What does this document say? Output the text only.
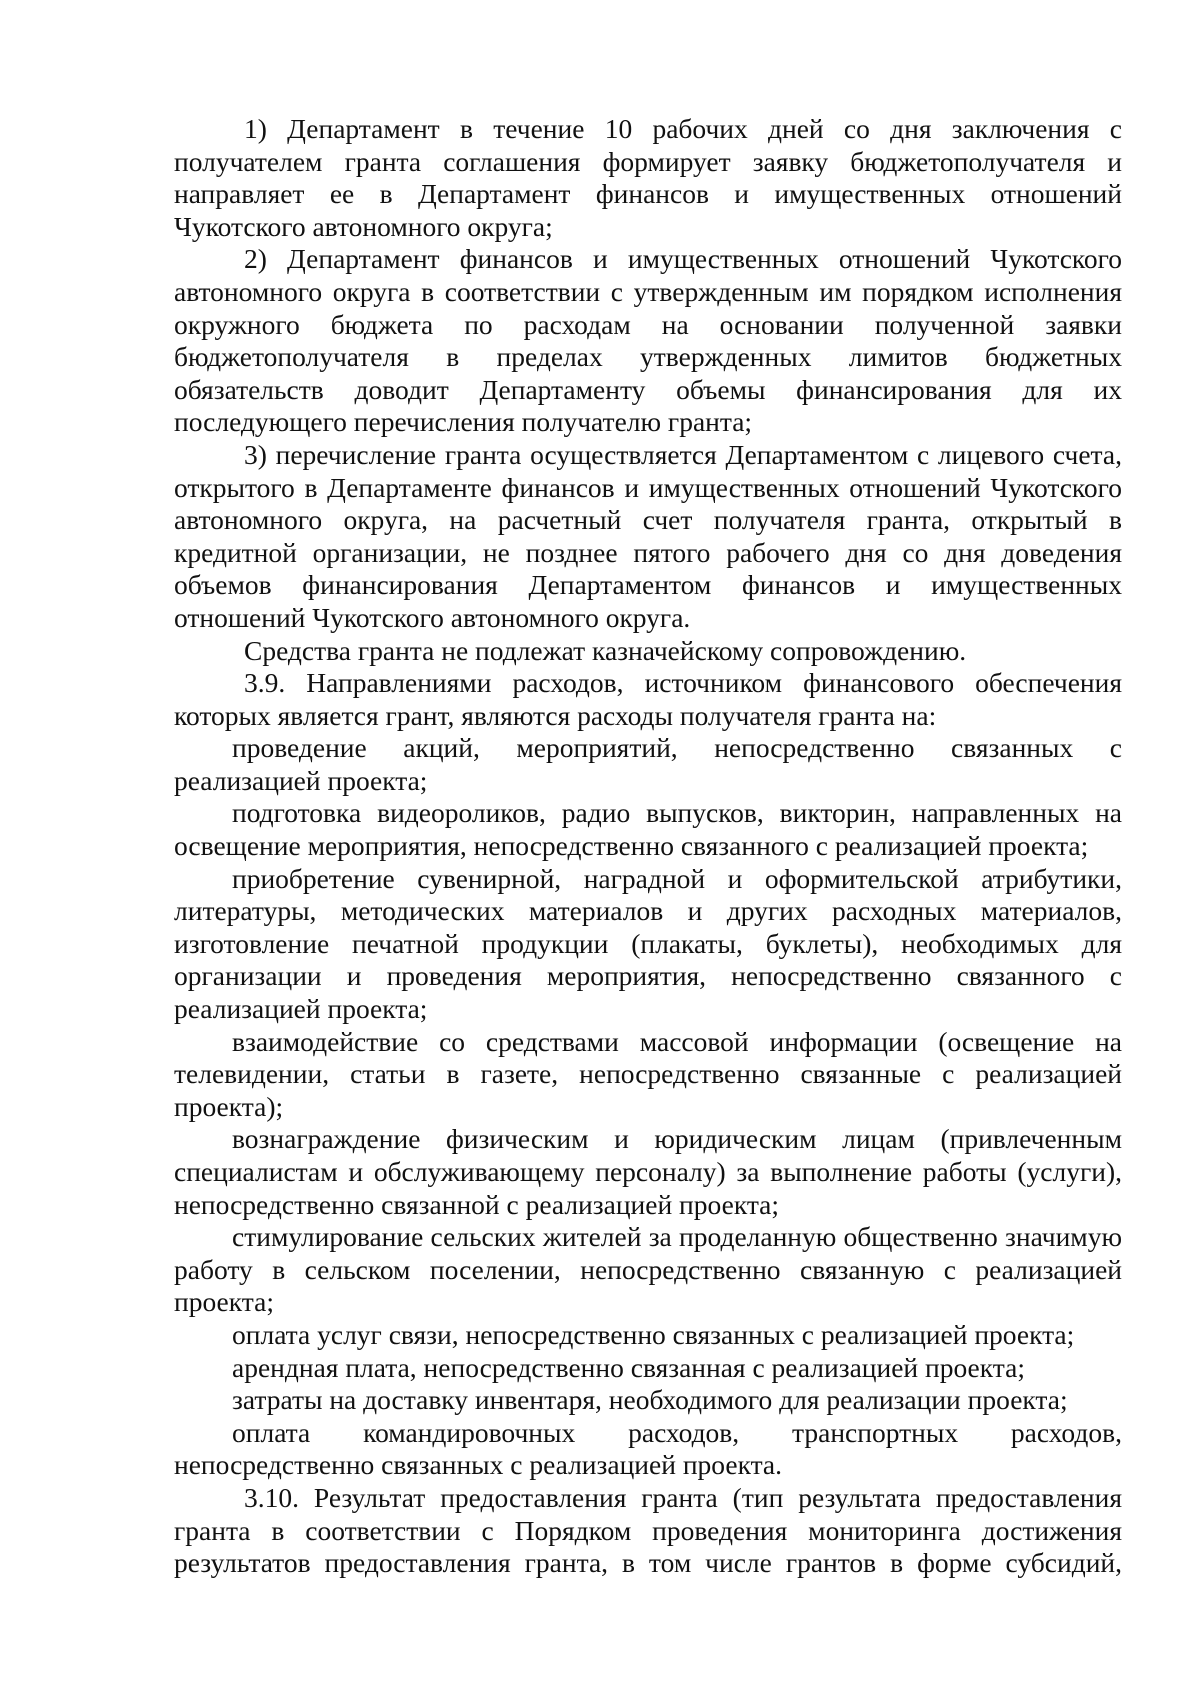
1) Департамент в течение 10 рабочих дней со дня заключения с получателем гранта соглашения формирует заявку бюджетополучателя и направляет ее в Департамент финансов и имущественных отношений Чукотского автономного округа;

2) Департамент финансов и имущественных отношений Чукотского автономного округа в соответствии с утвержденным им порядком исполнения окружного бюджета по расходам на основании полученной заявки бюджетополучателя в пределах утвержденных лимитов бюджетных обязательств доводит Департаменту объемы финансирования для их последующего перечисления получателю гранта;

3) перечисление гранта осуществляется Департаментом с лицевого счета, открытого в Департаменте финансов и имущественных отношений Чукотского автономного округа, на расчетный счет получателя гранта, открытый в кредитной организации, не позднее пятого рабочего дня со дня доведения объемов финансирования Департаментом финансов и имущественных отношений Чукотского автономного округа.

Средства гранта не подлежат казначейскому сопровождению.

3.9. Направлениями расходов, источником финансового обеспечения которых является грант, являются расходы получателя гранта на:

проведение акций, мероприятий, непосредственно связанных с реализацией проекта;

подготовка видеороликов, радио выпусков, викторин, направленных на освещение мероприятия, непосредственно связанного с реализацией проекта;

приобретение сувенирной, наградной и оформительской атрибутики, литературы, методических материалов и других расходных материалов, изготовление печатной продукции (плакаты, буклеты), необходимых для организации и проведения мероприятия, непосредственно связанного с реализацией проекта;

взаимодействие со средствами массовой информации (освещение на телевидении, статьи в газете, непосредственно связанные с реализацией проекта);

вознаграждение физическим и юридическим лицам (привлеченным специалистам и обслуживающему персоналу) за выполнение работы (услуги), непосредственно связанной с реализацией проекта;

стимулирование сельских жителей за проделанную общественно значимую работу в сельском поселении, непосредственно связанную с реализацией проекта;

оплата услуг связи, непосредственно связанных с реализацией проекта;

арендная плата, непосредственно связанная с реализацией проекта;

затраты на доставку инвентаря, необходимого для реализации проекта;

оплата командировочных расходов, транспортных расходов, непосредственно связанных с реализацией проекта.

3.10. Результат предоставления гранта (тип результата предоставления гранта в соответствии с Порядком проведения мониторинга достижения результатов предоставления гранта, в том числе грантов в форме субсидий,
